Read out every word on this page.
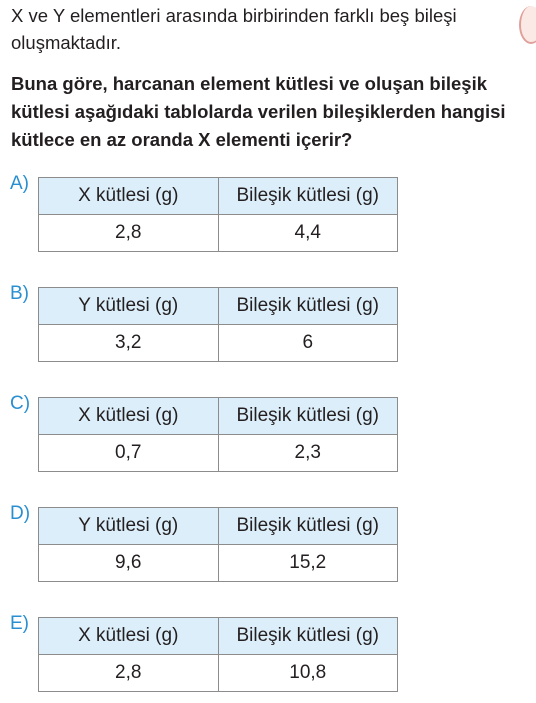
X ve Y elementleri arasında birbirinden farklı beş bileşi
oluşmaktadır.
Buna göre, harcanan element kütlesi ve oluşan bileşik
kütlesi aşağıdaki tablolarda verilen bileşiklerden hangisi
kütlece en az oranda X elementi içerir?
A)
X kütlesi (g)	Bileşik kütlesi (g)
2,8	4,4
B)
Y kütlesi (g)	Bileşik kütlesi (g)
3,2	6
C)
X kütlesi (g)	Bileşik kütlesi (g)
0,7	2,3
D)
Y kütlesi (g)	Bileşik kütlesi (g)
9,6	15,2
E)
X kütlesi (g)	Bileşik kütlesi (g)
2,8	10,8
